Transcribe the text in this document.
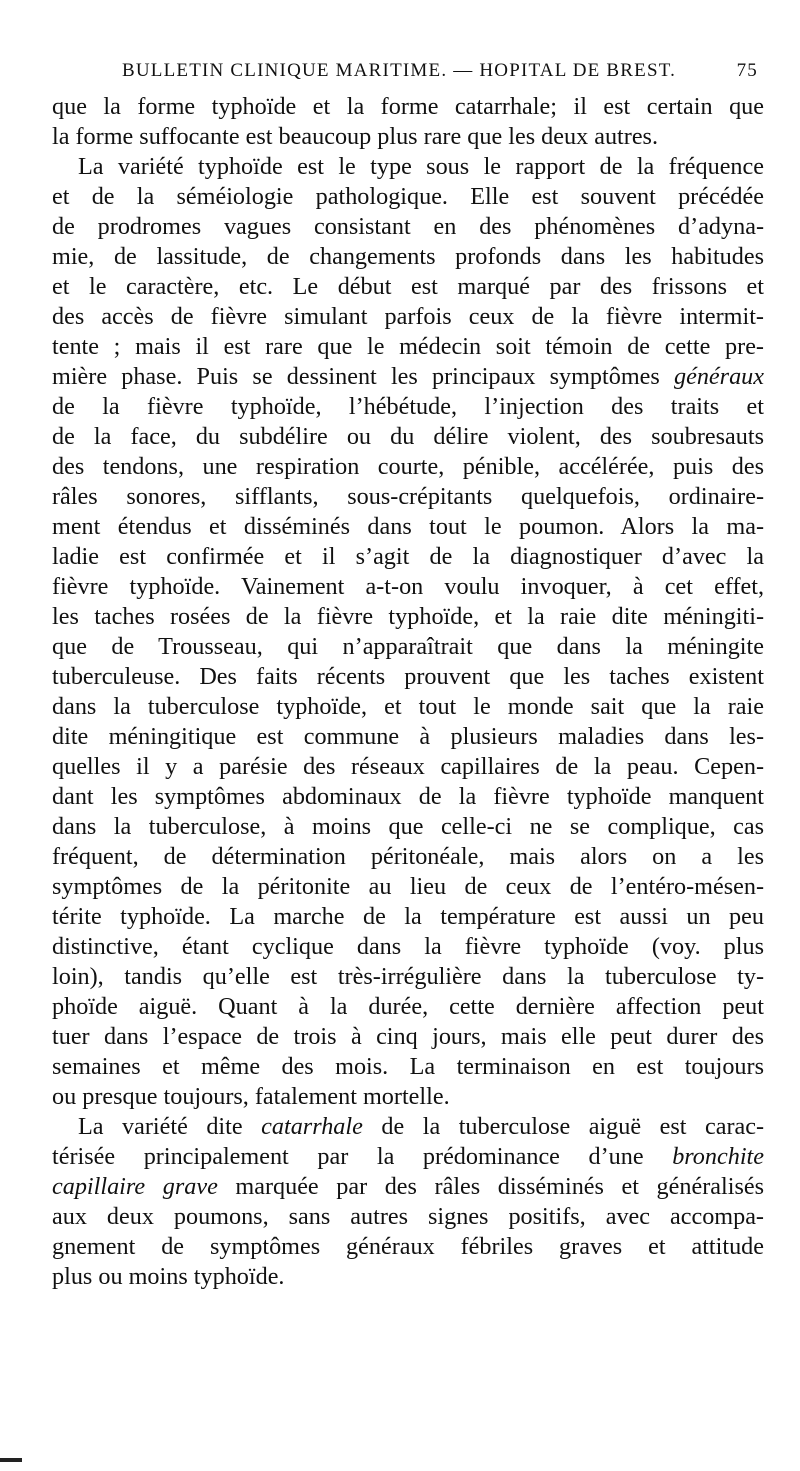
BULLETIN CLINIQUE MARITIME. — HOPITAL DE BREST.	75

que la forme typhoïde et la forme catarrhale; il est certain que
la forme suffocante est beaucoup plus rare que les deux autres.

La variété typhoïde est le type sous le rapport de la fréquence
et de la séméiologie pathologique. Elle est souvent précédée
de prodromes vagues consistant en des phénomènes d’adyna-
mie, de lassitude, de changements profonds dans les habitudes
et le caractère, etc. Le début est marqué par des frissons et
des accès de fièvre simulant parfois ceux de la fièvre intermit-
tente ; mais il est rare que le médecin soit témoin de cette pre-
mière phase. Puis se dessinent les principaux symptômes généraux
de la fièvre typhoïde, l’hébétude, l’injection des traits et
de la face, du subdélire ou du délire violent, des soubresauts
des tendons, une respiration courte, pénible, accélérée, puis des
râles sonores, sifflants, sous-crépitants quelquefois, ordinaire-
ment étendus et disséminés dans tout le poumon. Alors la ma-
ladie est confirmée et il s’agit de la diagnostiquer d’avec la
fièvre typhoïde. Vainement a-t-on voulu invoquer, à cet effet,
les taches rosées de la fièvre typhoïde, et la raie dite méningiti-
que de Trousseau, qui n’apparaîtrait que dans la méningite
tuberculeuse. Des faits récents prouvent que les taches existent
dans la tuberculose typhoïde, et tout le monde sait que la raie
dite méningitique est commune à plusieurs maladies dans les-
quelles il y a parésie des réseaux capillaires de la peau. Cepen-
dant les symptômes abdominaux de la fièvre typhoïde manquent
dans la tuberculose, à moins que celle-ci ne se complique, cas
fréquent, de détermination péritonéale, mais alors on a les
symptômes de la péritonite au lieu de ceux de l’entéro-mésen-
térite typhoïde. La marche de la température est aussi un peu
distinctive, étant cyclique dans la fièvre typhoïde (voy. plus
loin), tandis qu’elle est très-irrégulière dans la tuberculose ty-
phoïde aiguë. Quant à la durée, cette dernière affection peut
tuer dans l’espace de trois à cinq jours, mais elle peut durer des
semaines et même des mois. La terminaison en est toujours
ou presque toujours, fatalement mortelle.

La variété dite catarrhale de la tuberculose aiguë est carac-
térisée principalement par la prédominance d’une bronchite
capillaire grave marquée par des râles disséminés et généralisés
aux deux poumons, sans autres signes positifs, avec accompa-
gnement de symptômes généraux fébriles graves et attitude
plus ou moins typhoïde.
